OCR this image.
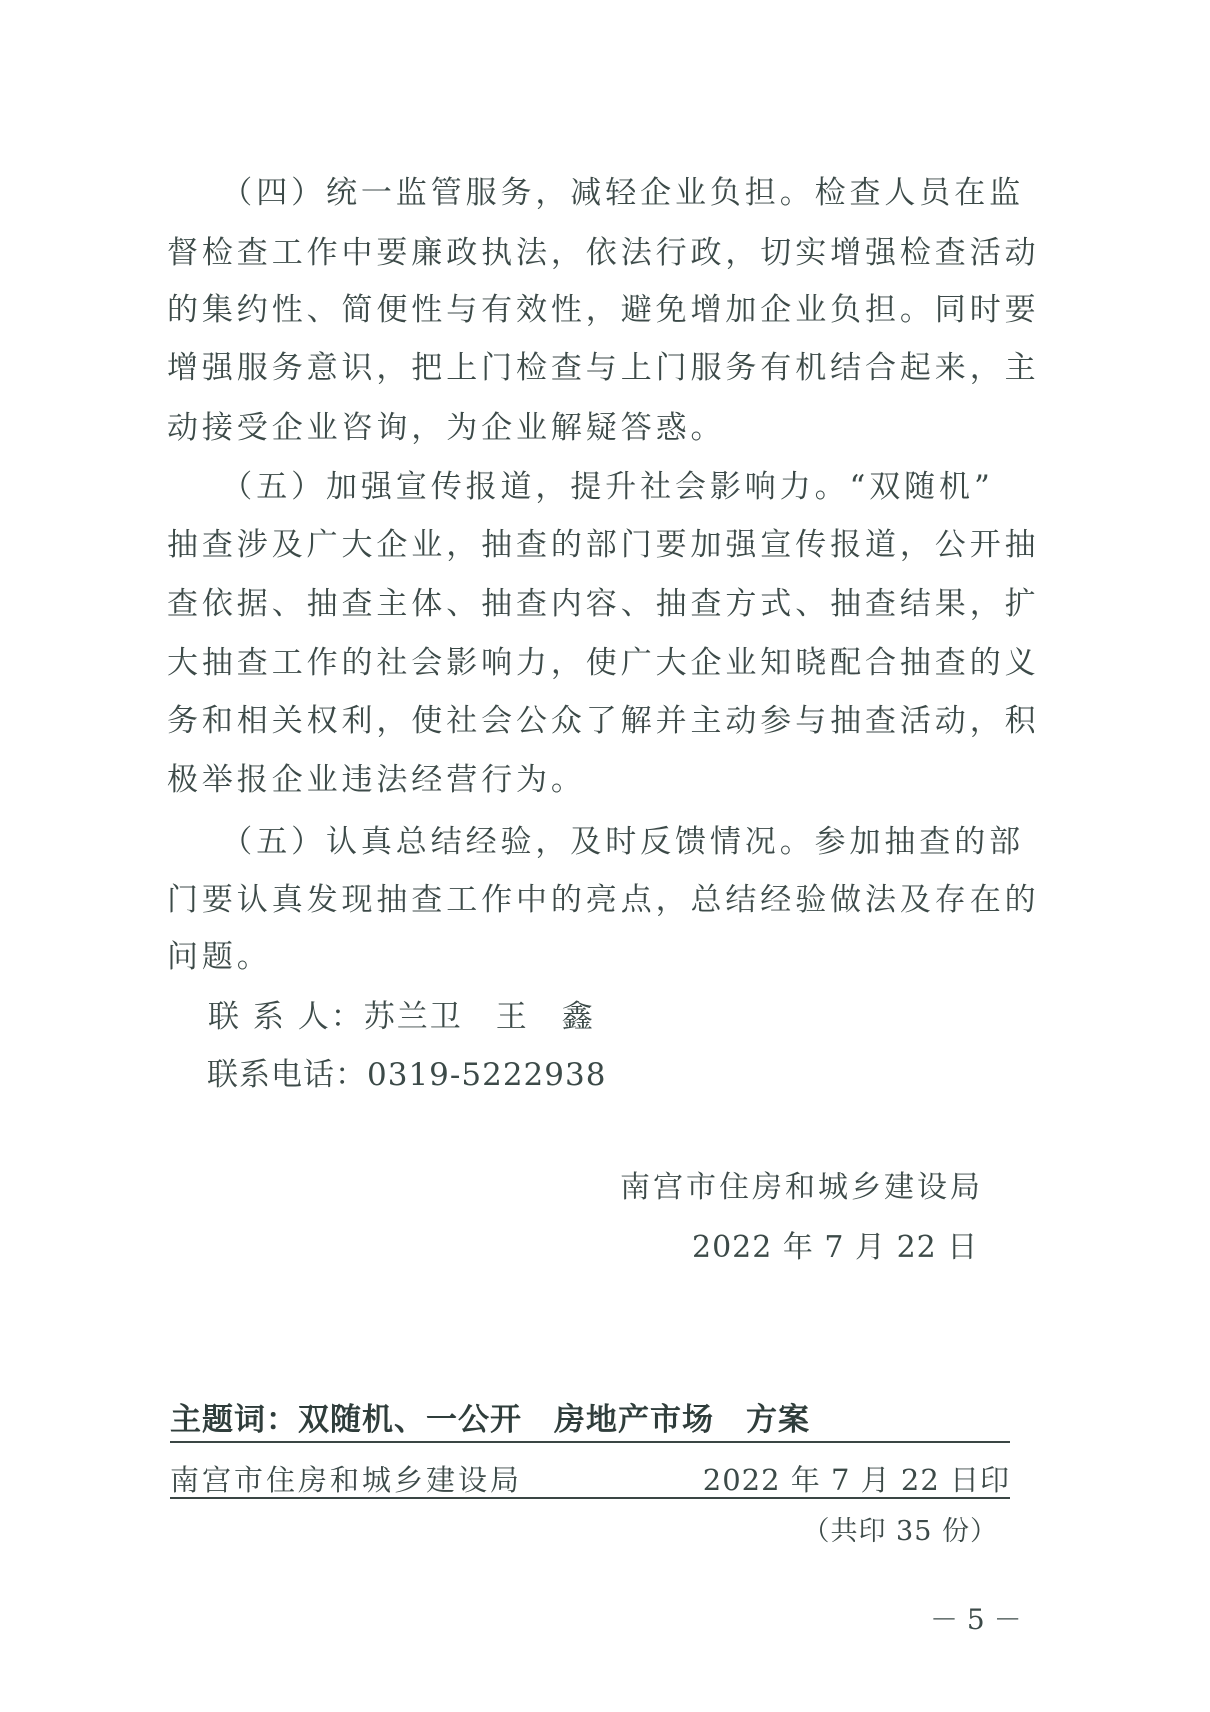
　　（四）统一监管服务，减轻企业负担。检查人员在监
督检查工作中要廉政执法，依法行政，切实增强检查活动
的集约性、简便性与有效性，避免增加企业负担。同时要
增强服务意识，把上门检查与上门服务有机结合起来，主
动接受企业咨询，为企业解疑答惑。
　　（五）加强宣传报道，提升社会影响力。“双随机”
抽查涉及广大企业，抽查的部门要加强宣传报道，公开抽
查依据、抽查主体、抽查内容、抽查方式、抽查结果，扩
大抽查工作的社会影响力，使广大企业知晓配合抽查的义
务和相关权利，使社会公众了解并主动参与抽查活动，积
极举报企业违法经营行为。
　　（五）认真总结经验，及时反馈情况。参加抽查的部
门要认真发现抽查工作中的亮点，总结经验做法及存在的
问题。
　联 系 人：苏兰卫　王　鑫
　联系电话：0319-5222938
南宫市住房和城乡建设局
2022 年 7 月 22 日
主题词：双随机、一公开　房地产市场　方案
南宫市住房和城乡建设局	2022 年 7 月 22 日印
（共印 35 份）
－ 5 －
